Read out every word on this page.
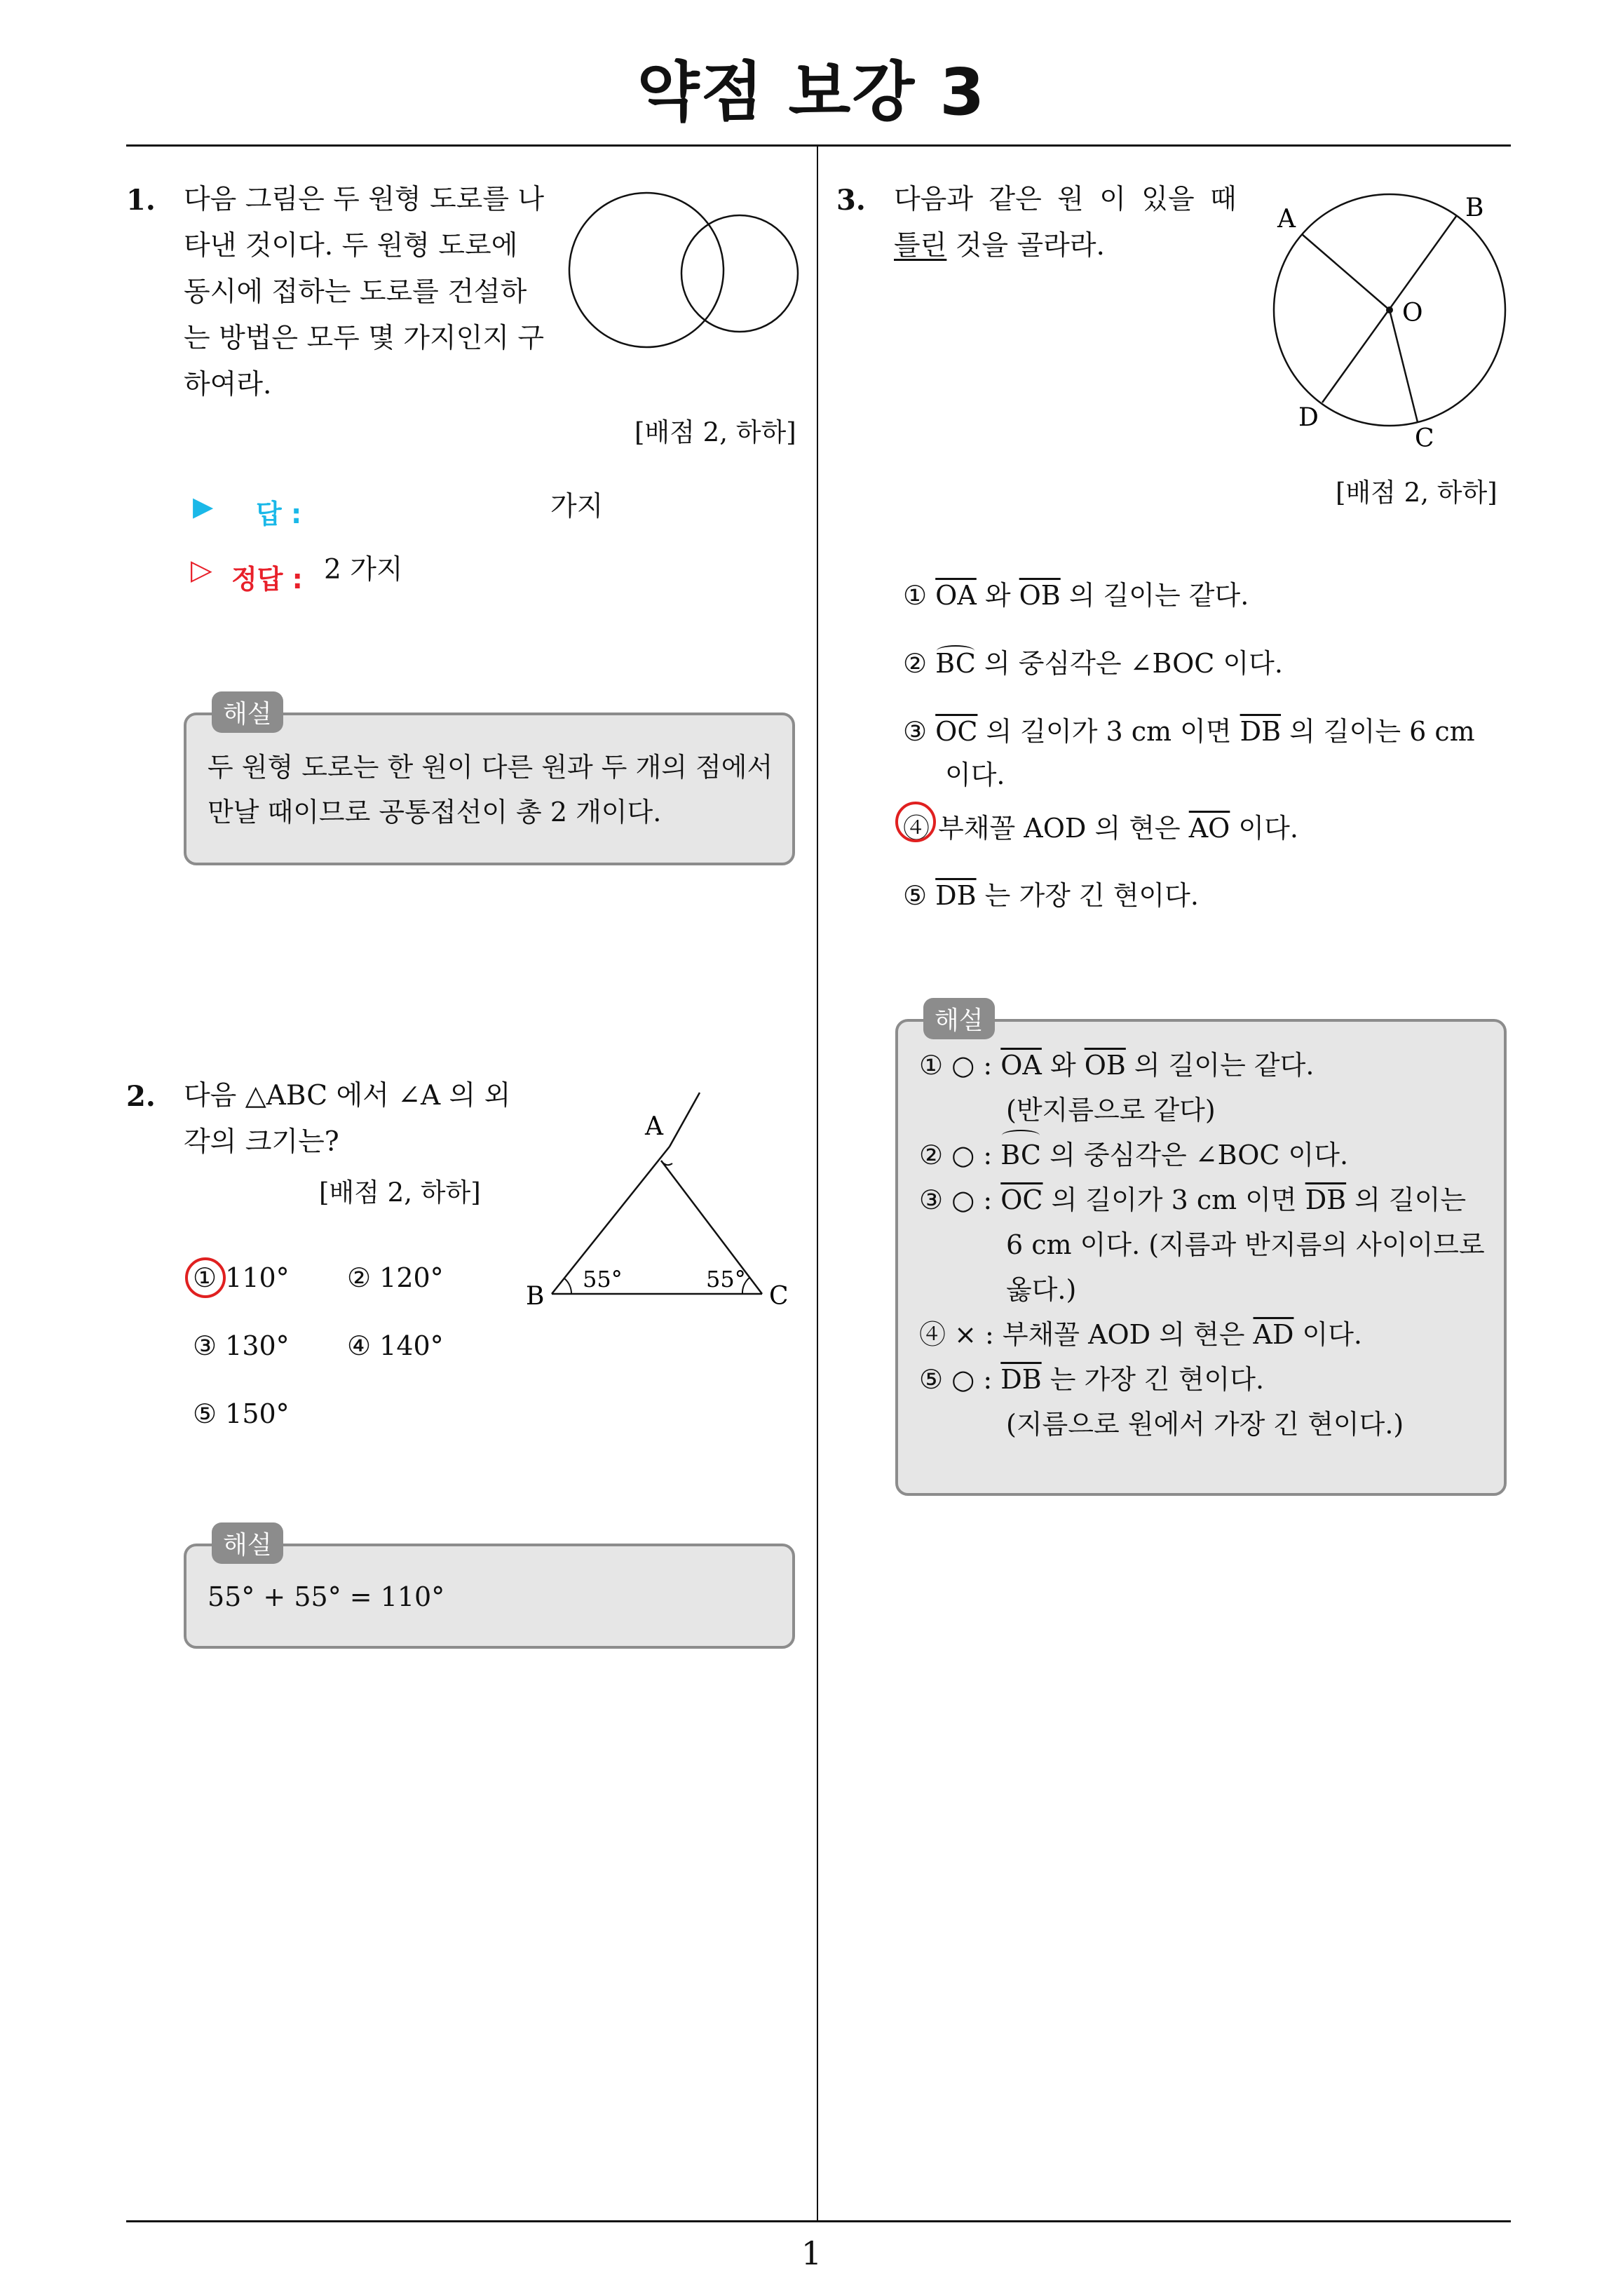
약점 보강 3
1. 다음 그림은 두 원형 도로를 나
타낸 것이다. 두 원형 도로에
동시에 접하는 도로를 건설하
는 방법은 모두 몇 가지인지 구
하여라.
[배점 2, 하하]
▶ 답 :	가지
▷ 정답 : 2 가지
해설
두 원형 도로는 한 원이 다른 원과 두 개의 점에서
만날 때이므로 공통접선이 총 2 개이다.
2. 다음 △ABC 에서 ∠A 의 외
각의 크기는?
[배점 2, 하하]
A
B	C
55°	55°
① 110° ② 120°
③ 130° ④ 140°
⑤ 150°
해설
55° + 55° = 110°
3. 다음과 같은 원 이 있을 때
틀린 것을 골라라.
A	B
O
D
C
[배점 2, 하하]
① $\overline{OA}$ 와 $\overline{OB}$ 의 길이는 같다.
② BC 의 중심각은 ∠BOC 이다.
③ $\overline{OC}$ 의 길이가 3 cm 이면 $\overline{DB}$ 의 길이는 6 cm
이다.
④ 부채꼴 AOD 의 현은 $\overline{AO}$ 이다.
⑤ $\overline{DB}$ 는 가장 긴 현이다.
해설
① ○ : $\overline{OA}$ 와 $\overline{OB}$ 의 길이는 같다.
(반지름으로 같다)
② ○ : BC 의 중심각은 ∠BOC 이다.
③ ○ : $\overline{OC}$ 의 길이가 3 cm 이면 $\overline{DB}$ 의 길이는
6 cm 이다. (지름과 반지름의 사이이므로
옳다.)
④ × : 부채꼴 AOD 의 현은 $\overline{AD}$ 이다.
⑤ ○ : $\overline{DB}$ 는 가장 긴 현이다.
(지름으로 원에서 가장 긴 현이다.)
1
